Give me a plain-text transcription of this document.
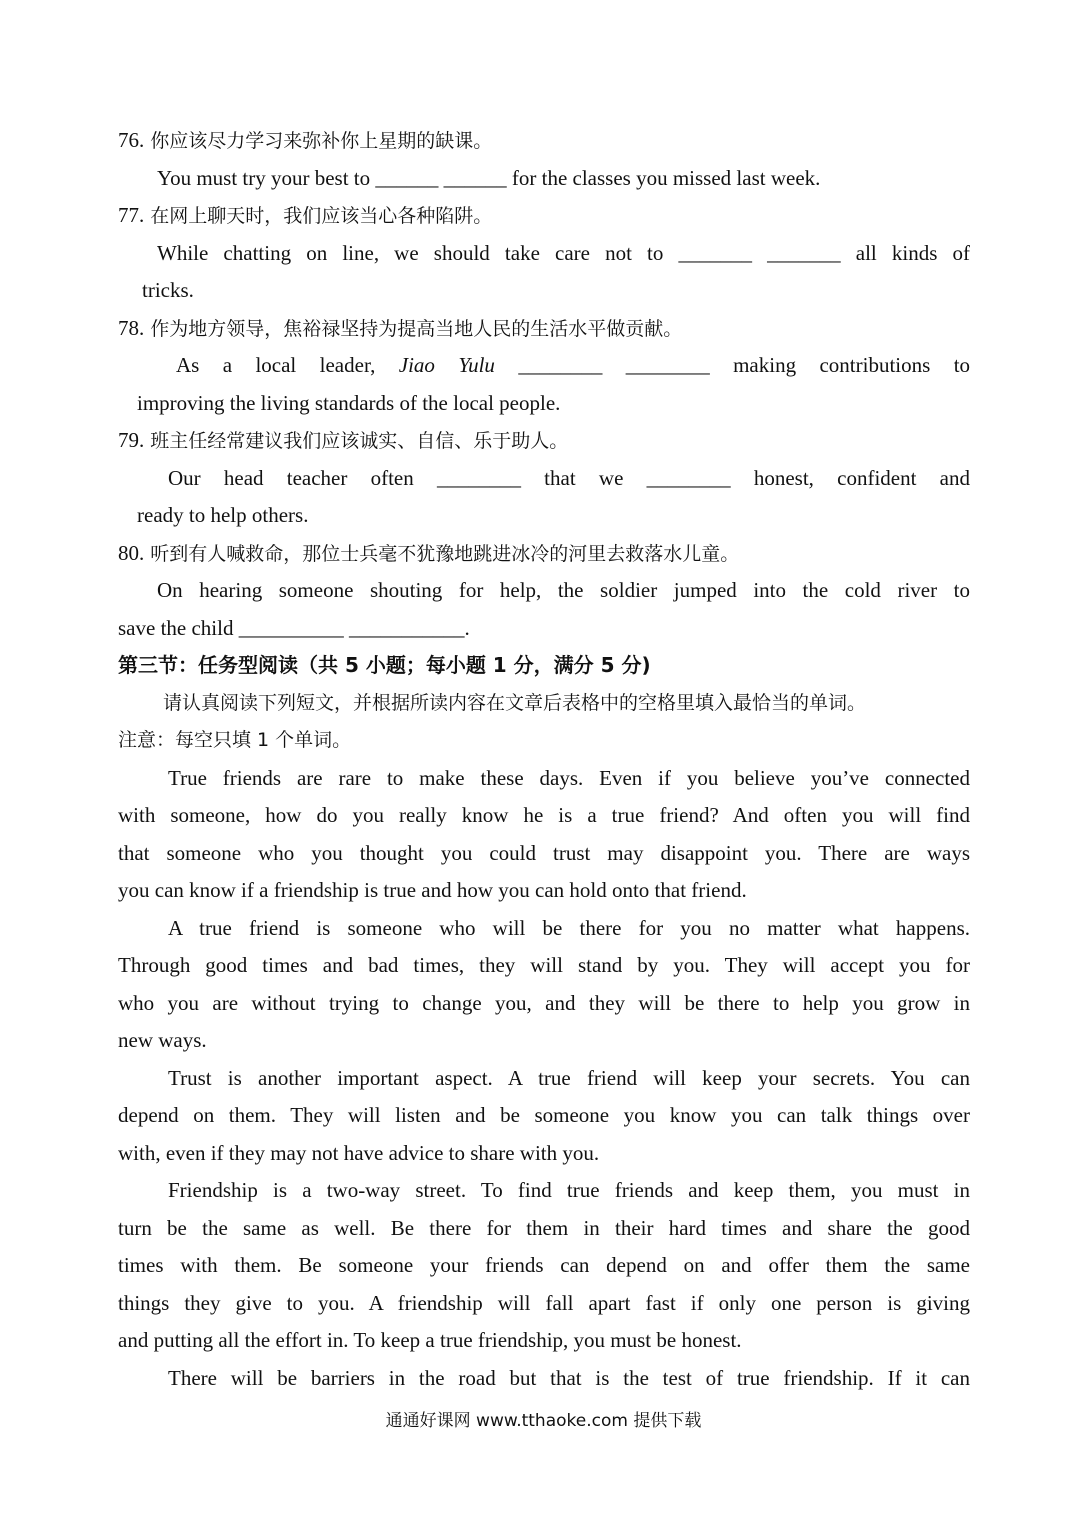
76. 你应该尽力学习来弥补你上星期的缺课。
You must try your best to ______ ______ for the classes you missed last week.
77. 在网上聊天时，我们应该当心各种陷阱。
While chatting on line, we should take care not to _______ _______ all kinds of
tricks.
78. 作为地方领导，焦裕禄坚持为提高当地人民的生活水平做贡献。
As a local leader, Jiao Yulu ________ ________ making contributions to
improving the living standards of the local people.
79. 班主任经常建议我们应该诚实、自信、乐于助人。
Our head teacher often ________ that we ________ honest, confident and
ready to help others.
80. 听到有人喊救命，那位士兵毫不犹豫地跳进冰冷的河里去救落水儿童。
On hearing someone shouting for help, the soldier jumped into the cold river to
save the child __________ ___________.
第三节：任务型阅读（共 5 小题；每小题 1 分，满分 5 分)
请认真阅读下列短文，并根据所读内容在文章后表格中的空格里填入最恰当的单词。
注意：每空只填 1 个单词。
True friends are rare to make these days. Even if you believe you’ve connected
with someone, how do you really know he is a true friend? And often you will find
that someone who you thought you could trust may disappoint you. There are ways
you can know if a friendship is true and how you can hold onto that friend.
A true friend is someone who will be there for you no matter what happens.
Through good times and bad times, they will stand by you. They will accept you for
who you are without trying to change you, and they will be there to help you grow in
new ways.
Trust is another important aspect. A true friend will keep your secrets. You can
depend on them. They will listen and be someone you know you can talk things over
with, even if they may not have advice to share with you.
Friendship is a two-way street. To find true friends and keep them, you must in
turn be the same as well. Be there for them in their hard times and share the good
times with them. Be someone your friends can depend on and offer them the same
things they give to you. A friendship will fall apart fast if only one person is giving
and putting all the effort in. To keep a true friendship, you must be honest.
There will be barriers in the road but that is the test of true friendship. If it can
通通好课网 www.tthaoke.com 提供下载
